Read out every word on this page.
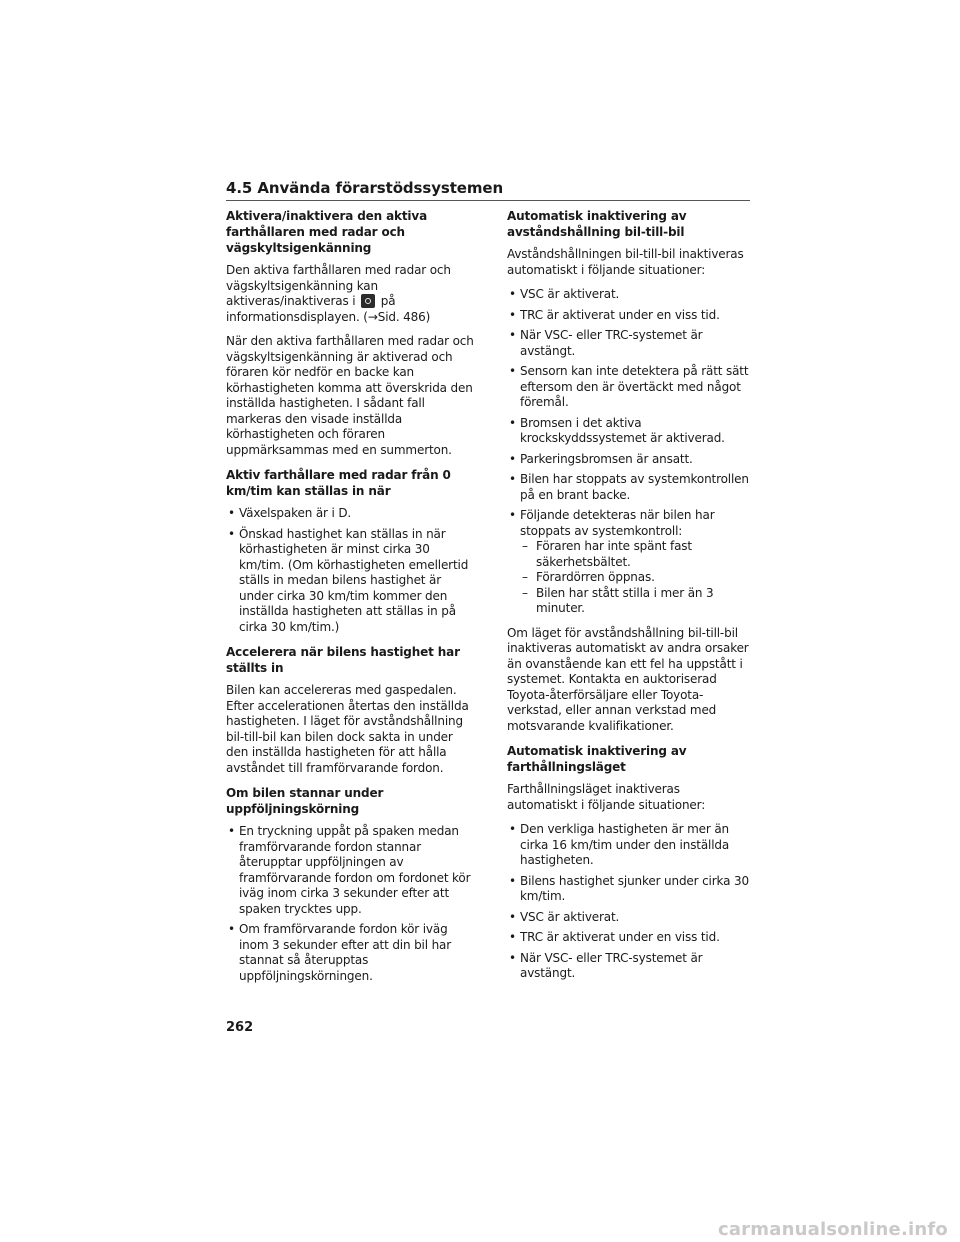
4.5 Använda förarstödssystemen
Aktivera/inaktivera den aktiva farthållaren med radar och vägskyltsigenkänning

Den aktiva farthållaren med radar och vägskyltsigenkänning kan aktiveras/inaktiveras i på informationsdisplayen. (→Sid. 486)

När den aktiva farthållaren med radar och vägskyltsigenkänning är aktiverad och föraren kör nedför en backe kan körhastigheten komma att överskrida den inställda hastigheten. I sådant fall markeras den visade inställda körhastigheten och föraren uppmärksammas med en summerton.

Aktiv farthållare med radar från 0 km/tim kan ställas in när
• Växelspaken är i D.
• Önskad hastighet kan ställas in när körhastigheten är minst cirka 30 km/tim. (Om körhastigheten emellertid ställs in medan bilens hastighet är under cirka 30 km/tim kommer den inställda hastigheten att ställas in på cirka 30 km/tim.)
Accelerera när bilens hastighet har ställts in

Bilen kan accelereras med gaspedalen. Efter accelerationen återtas den inställda hastigheten. I läget för avståndshållning bil-till-bil kan bilen dock sakta in under den inställda hastigheten för att hålla avståndet till framförvarande fordon.

Om bilen stannar under uppföljningskörning
• En tryckning uppåt på spaken medan framförvarande fordon stannar återupptar uppföljningen av framförvarande fordon om fordonet kör iväg inom cirka 3 sekunder efter att spaken trycktes upp.
• Om framförvarande fordon kör iväg inom 3 sekunder efter att din bil har stannat så återupptas uppföljningskörningen.
Automatisk inaktivering av avståndshållning bil-till-bil

Avståndshållningen bil-till-bil inaktiveras automatiskt i följande situationer:

• VSC är aktiverat.
• TRC är aktiverat under en viss tid.
• När VSC- eller TRC-systemet är avstängt.
• Sensorn kan inte detektera på rätt sätt eftersom den är övertäckt med något föremål.
• Bromsen i det aktiva krockskyddssystemet är aktiverad.
• Parkeringsbromsen är ansatt.
• Bilen har stoppats av systemkontrollen på en brant backe.
• Följande detekteras när bilen har stoppats av systemkontroll:
– Föraren har inte spänt fast säkerhetsbältet.
– Förardörren öppnas.
– Bilen har stått stilla i mer än 3 minuter.

Om läget för avståndshållning bil-till-bil inaktiveras automatiskt av andra orsaker än ovanstående kan ett fel ha uppstått i systemet. Kontakta en auktoriserad Toyota-återförsäljare eller Toyota-verkstad, eller annan verkstad med motsvarande kvalifikationer.

Automatisk inaktivering av farthållningsläget

Farthållningsläget inaktiveras automatiskt i följande situationer:

• Den verkliga hastigheten är mer än cirka 16 km/tim under den inställda hastigheten.
• Bilens hastighet sjunker under cirka 30 km/tim.
• VSC är aktiverat.
• TRC är aktiverat under en viss tid.
• När VSC- eller TRC-systemet är avstängt.
262
carmanualsonline.info
